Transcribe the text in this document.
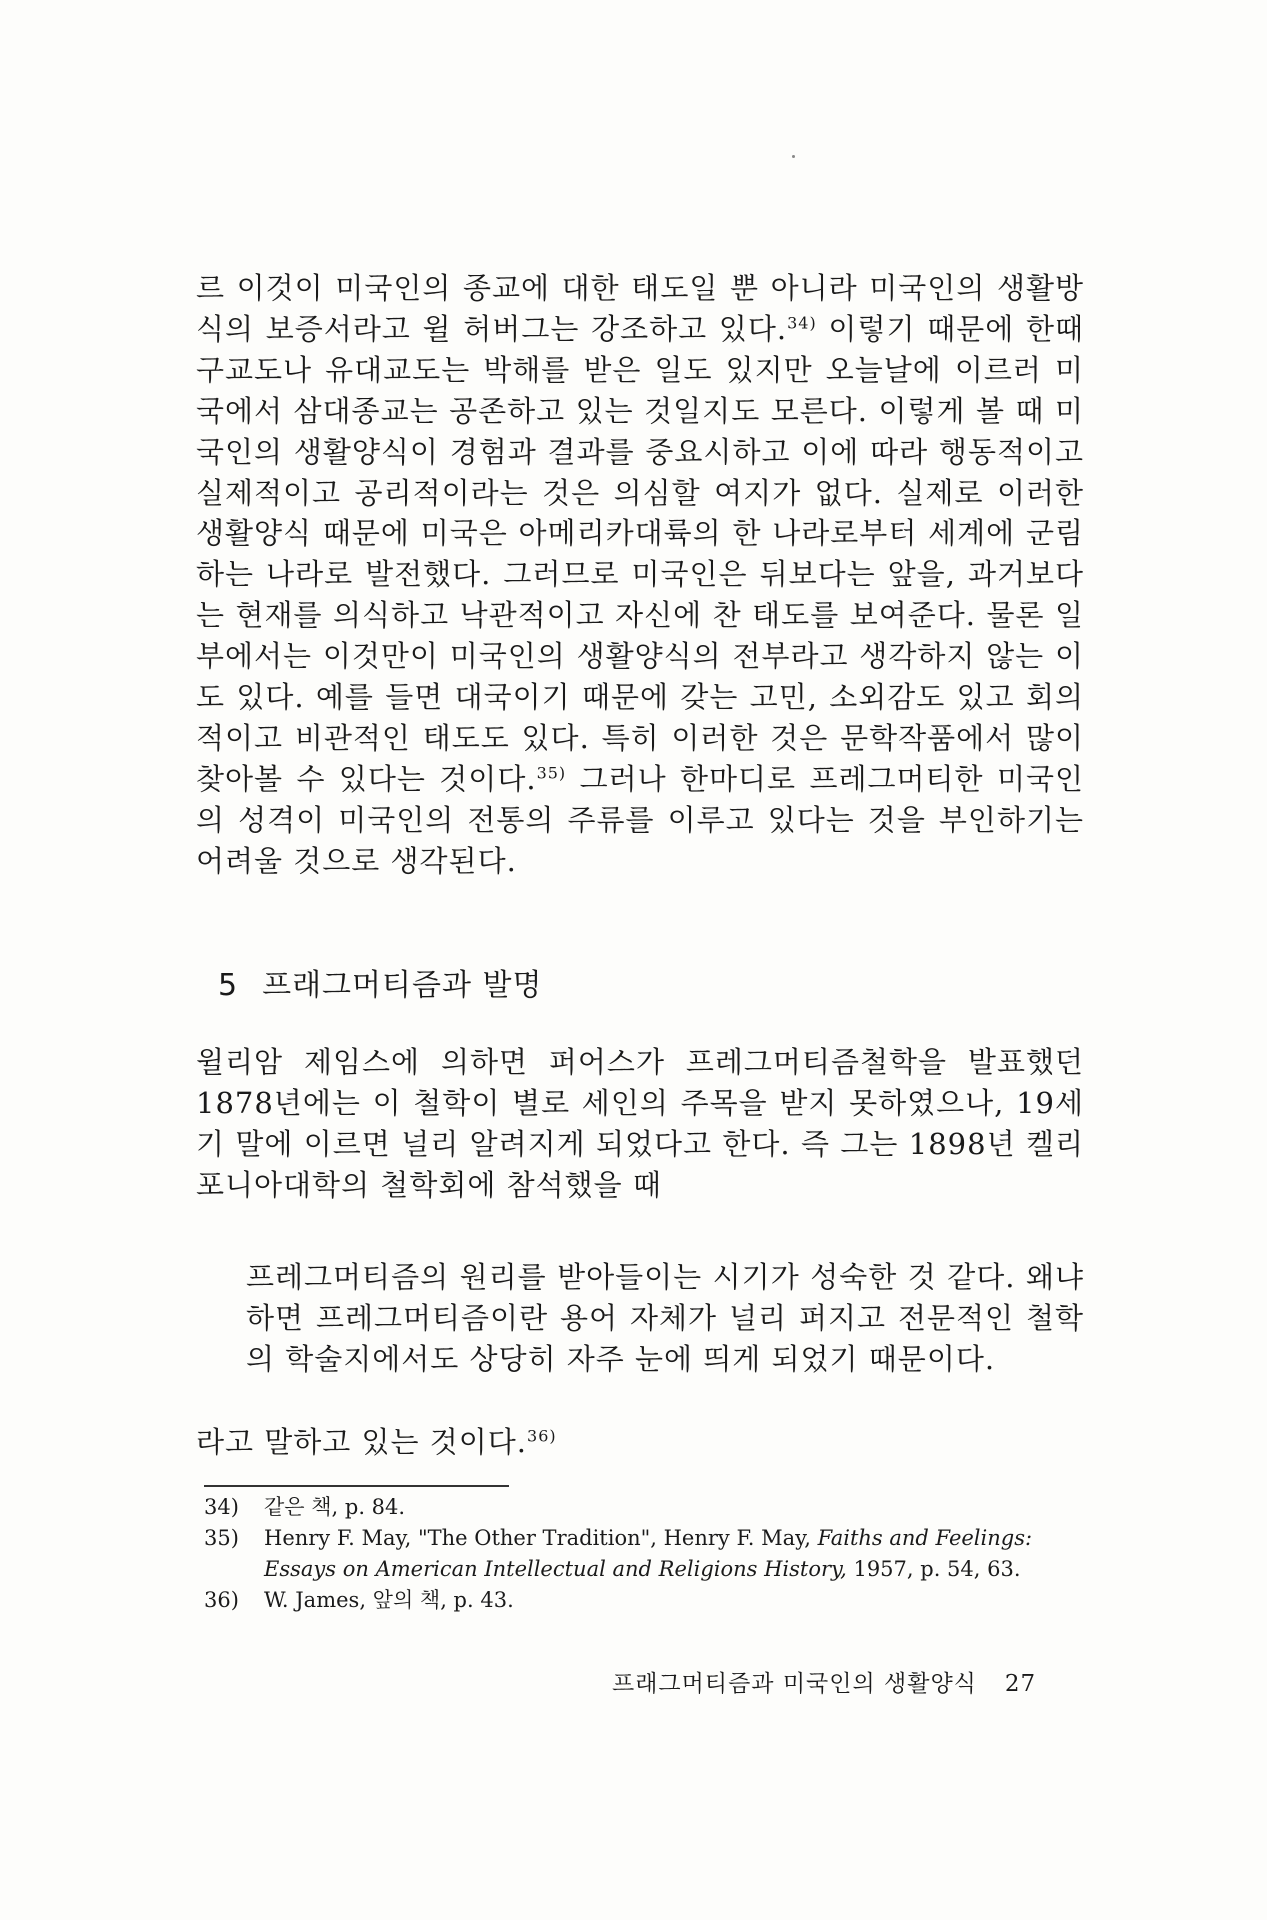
르 이것이 미국인의 종교에 대한 태도일 뿐 아니라 미국인의 생활방식의 보증서라고 윌 허버그는 강조하고 있다.$^{34)}$ 이렇기 때문에 한때 구교도나 유대교도는 박해를 받은 일도 있지만 오늘날에 이르러 미국에서 삼대종교는 공존하고 있는 것일지도 모른다. 이렇게 볼 때 미국인의 생활양식이 경험과 결과를 중요시하고 이에 따라 행동적이고 실제적이고 공리적이라는 것은 의심할 여지가 없다. 실제로 이러한 생활양식 때문에 미국은 아메리카대륙의 한 나라로부터 세계에 군림하는 나라로 발전했다. 그러므로 미국인은 뒤보다는 앞을, 과거보다는 현재를 의식하고 낙관적이고 자신에 찬 태도를 보여준다. 물론 일부에서는 이것만이 미국인의 생활양식의 전부라고 생각하지 않는 이도 있다. 예를 들면 대국이기 때문에 갖는 고민, 소외감도 있고 회의적이고 비관적인 태도도 있다. 특히 이러한 것은 문학작품에서 많이 찾아볼 수 있다는 것이다.$^{35)}$ 그러나 한마디로 프레그머티한 미국인의 성격이 미국인의 전통의 주류를 이루고 있다는 것을 부인하기는 어려울 것으로 생각된다.

5 프래그머티즘과 발명

윌리암 제임스에 의하면 퍼어스가 프레그머티즘철학을 발표했던 1878년에는 이 철학이 별로 세인의 주목을 받지 못하였으나, 19세기 말에 이르면 널리 알려지게 되었다고 한다. 즉 그는 1898년 켈리포니아대학의 철학회에 참석했을 때

프레그머티즘의 원리를 받아들이는 시기가 성숙한 것 같다. 왜냐하면 프레그머티즘이란 용어 자체가 널리 퍼지고 전문적인 철학의 학술지에서도 상당히 자주 눈에 띄게 되었기 때문이다.

라고 말하고 있는 것이다.$^{36)}$

34)	같은 책, p. 84.
35)	Henry F. May, "The Other Tradition", Henry F. May, Faiths and Feelings: Essays on American Intellectual and Religions History, 1957, p. 54, 63.
36)	W. James, 앞의 책, p. 43.
프래그머티즘과 미국인의 생활양식 27
